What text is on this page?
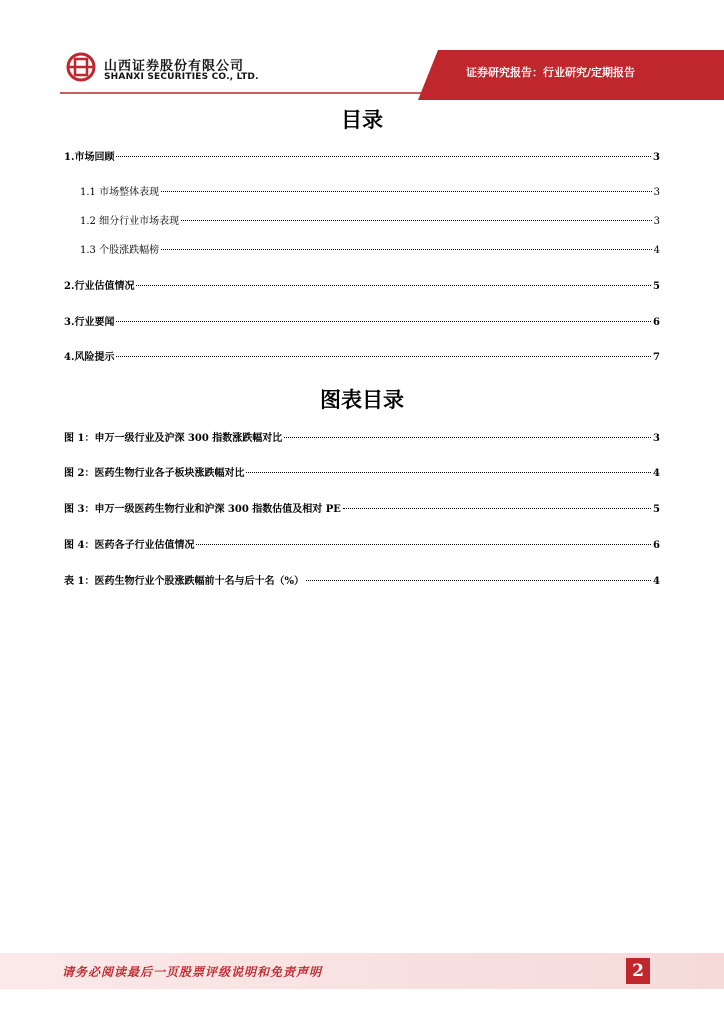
山西证券股份有限公司
SHANXI SECURITIES CO., LTD.	证券研究报告：行业研究/定期报告
目录
1.市场回顾	3
1.1 市场整体表现	3
1.2 细分行业市场表现	3
1.3 个股涨跌幅榜	4
2.行业估值情况	5
3.行业要闻	6
4.风险提示	7
图表目录
图 1：申万一级行业及沪深 300 指数涨跌幅对比	3
图 2：医药生物行业各子板块涨跌幅对比	4
图 3：申万一级医药生物行业和沪深 300 指数估值及相对 PE	5
图 4：医药各子行业估值情况	6
表 1：医药生物行业个股涨跌幅前十名与后十名（%）	4
请务必阅读最后一页股票评级说明和免责声明	2
